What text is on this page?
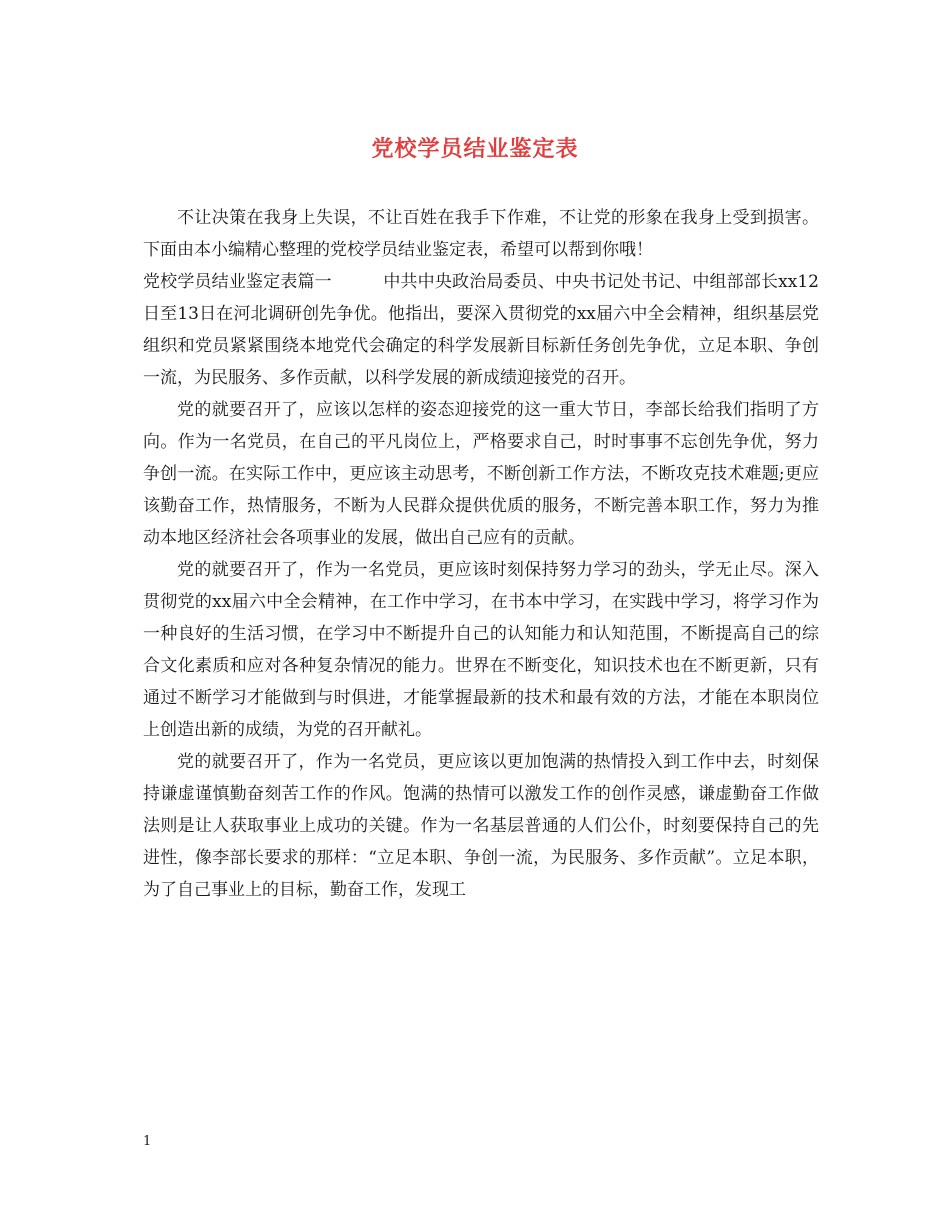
党校学员结业鉴定表

不让决策在我身上失误，不让百姓在我手下作难，不让党的形象在我身上受到损害。下面由本小编精心整理的党校学员结业鉴定表，希望可以帮到你哦！

党校学员结业鉴定表篇一　　　中共中央政治局委员、中央书记处书记、中组部部长xx12日至13日在河北调研创先争优。他指出，要深入贯彻党的xx届六中全会精神，组织基层党组织和党员紧紧围绕本地党代会确定的科学发展新目标新任务创先争优，立足本职、争创一流，为民服务、多作贡献，以科学发展的新成绩迎接党的召开。

党的就要召开了，应该以怎样的姿态迎接党的这一重大节日，李部长给我们指明了方向。作为一名党员，在自己的平凡岗位上，严格要求自己，时时事事不忘创先争优，努力争创一流。在实际工作中，更应该主动思考，不断创新工作方法，不断攻克技术难题;更应该勤奋工作，热情服务，不断为人民群众提供优质的服务，不断完善本职工作，努力为推动本地区经济社会各项事业的发展，做出自己应有的贡献。

党的就要召开了，作为一名党员，更应该时刻保持努力学习的劲头，学无止尽。深入贯彻党的xx届六中全会精神，在工作中学习，在书本中学习，在实践中学习，将学习作为一种良好的生活习惯，在学习中不断提升自己的认知能力和认知范围，不断提高自己的综合文化素质和应对各种复杂情况的能力。世界在不断变化，知识技术也在不断更新，只有通过不断学习才能做到与时俱进，才能掌握最新的技术和最有效的方法，才能在本职岗位上创造出新的成绩，为党的召开献礼。

党的就要召开了，作为一名党员，更应该以更加饱满的热情投入到工作中去，时刻保持谦虚谨慎勤奋刻苦工作的作风。饱满的热情可以激发工作的创作灵感，谦虚勤奋工作做法则是让人获取事业上成功的关键。作为一名基层普通的人们公仆，时刻要保持自己的先进性，像李部长要求的那样：“立足本职、争创一流，为民服务、多作贡献”。立足本职，为了自己事业上的目标，勤奋工作，发现工

1
